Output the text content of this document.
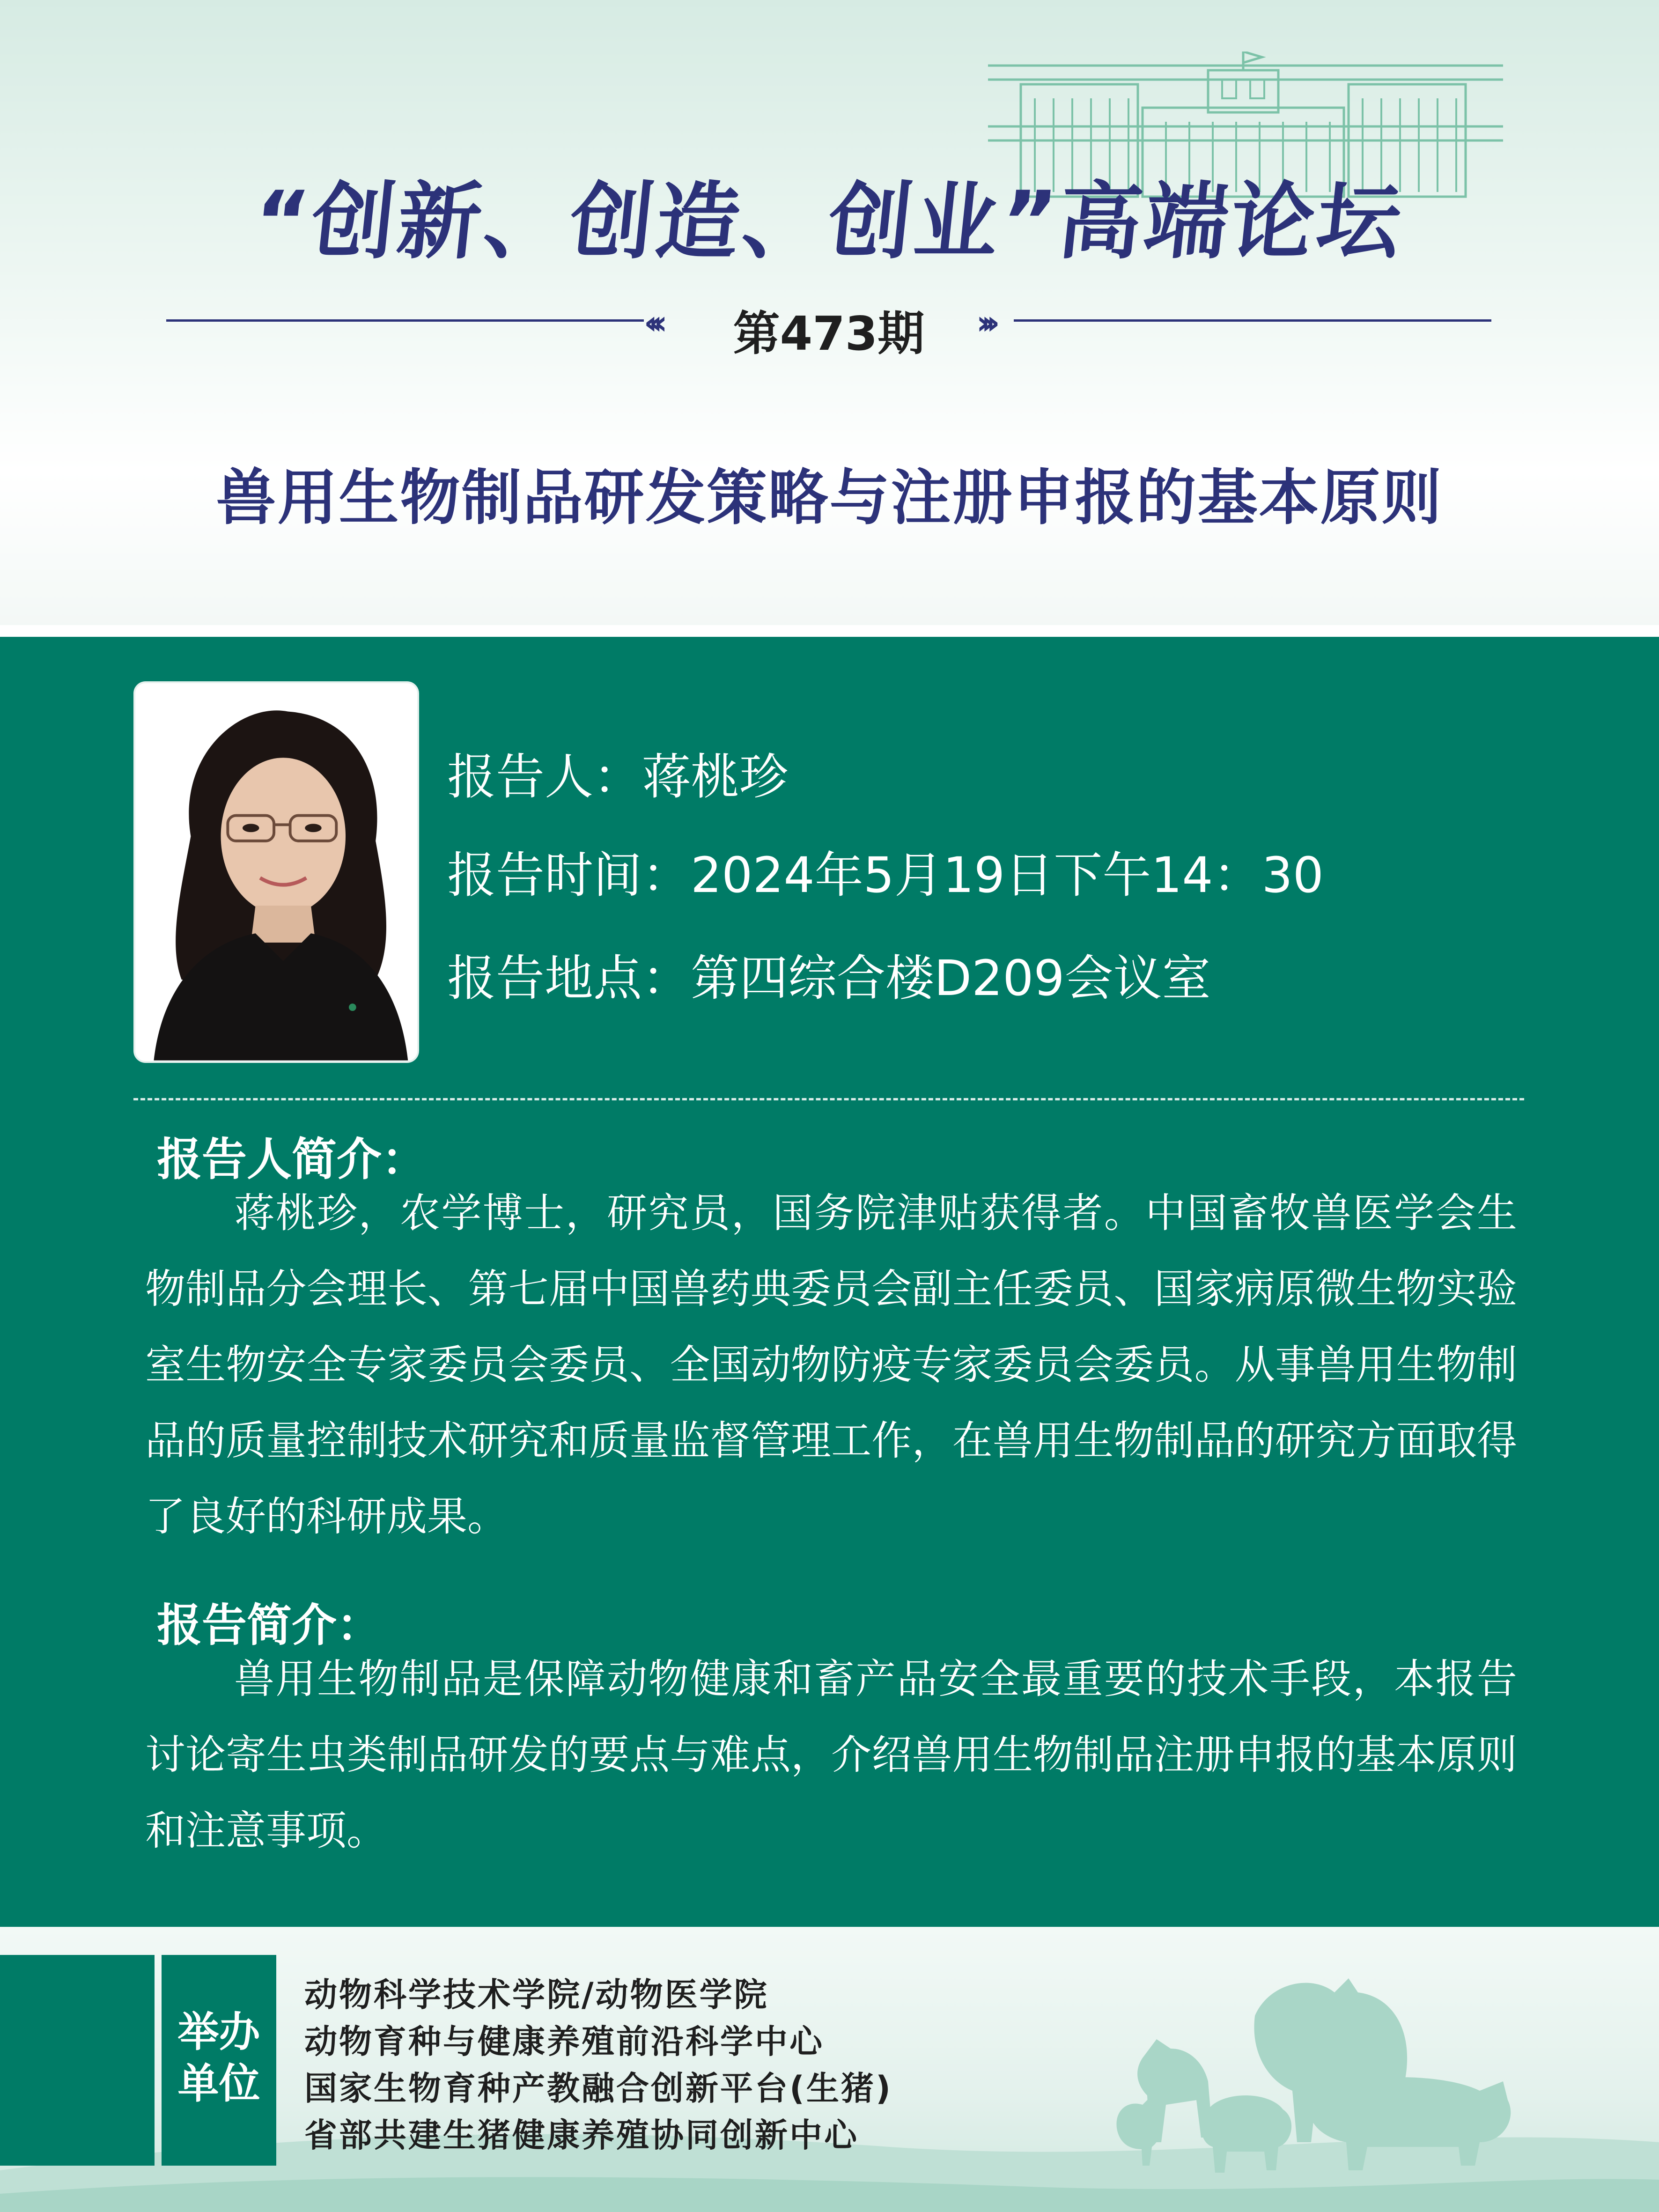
“创新、创造、创业”高端论坛
‹‹‹	第473期	›››
兽用生物制品研发策略与注册申报的基本原则
报告人：蒋桃珍
报告时间：2024年5月19日下午14：30
报告地点：第四综合楼D209会议室
报告人简介：
蒋桃珍，农学博士，研究员，国务院津贴获得者。中国畜牧兽医学会生物制品分会理长、第七届中国兽药典委员会副主任委员、国家病原微生物实验室生物安全专家委员会委员、全国动物防疫专家委员会委员。从事兽用生物制品的质量控制技术研究和质量监督管理工作，在兽用生物制品的研究方面取得了良好的科研成果。
报告简介：
兽用生物制品是保障动物健康和畜产品安全最重要的技术手段，本报告讨论寄生虫类制品研发的要点与难点，介绍兽用生物制品注册申报的基本原则和注意事项。
举办
单位
动物科学技术学院/动物医学院
动物育种与健康养殖前沿科学中心
国家生物育种产教融合创新平台(生猪)
省部共建生猪健康养殖协同创新中心
